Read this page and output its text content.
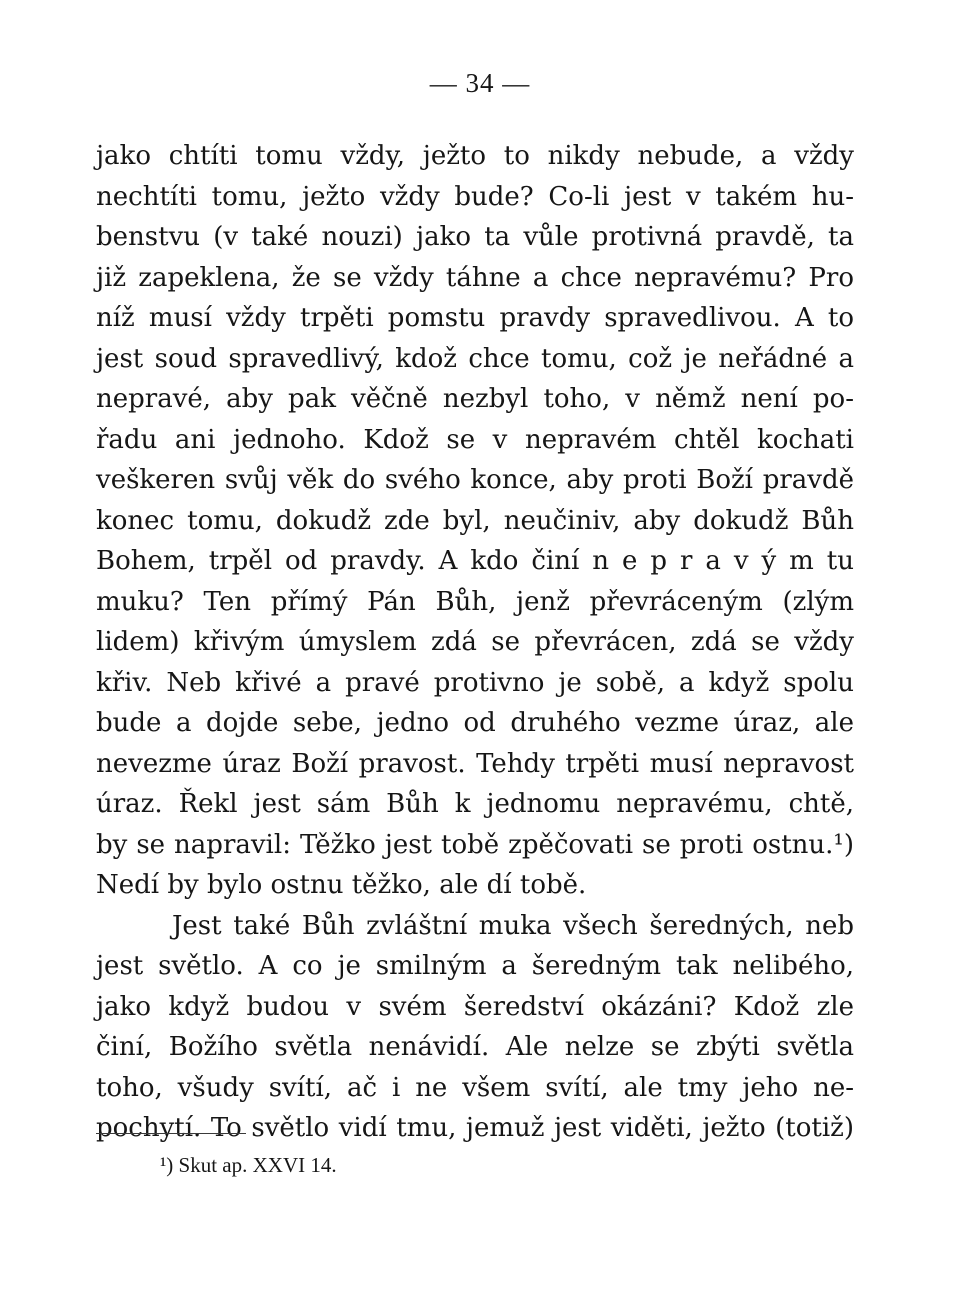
— 34 —
jako chtíti tomu vždy, ježto to nikdy nebude, a vždy
nechtíti tomu, ježto vždy bude? Co-li jest v takém hu-
benstvu (v také nouzi) jako ta vůle protivná pravdě, ta
již zapeklena, že se vždy táhne a chce nepravému? Pro
níž musí vždy trpěti pomstu pravdy spravedlivou. A to
jest soud spravedlivý, kdož chce tomu, což je neřádné a
nepravé, aby pak věčně nezbyl toho, v němž není po-
řadu ani jednoho. Kdož se v nepravém chtěl kochati
veškeren svůj věk do svého konce, aby proti Boží pravdě
konec tomu, dokudž zde byl, neučiniv, aby dokudž Bůh
Bohem, trpěl od pravdy. A kdo činí n e p r a v ý m tu
muku? Ten přímý Pán Bůh, jenž převráceným (zlým
lidem) křivým úmyslem zdá se převrácen, zdá se vždy
křiv. Neb křivé a pravé protivno je sobě, a když spolu
bude a dojde sebe, jedno od druhého vezme úraz, ale
nevezme úraz Boží pravost. Tehdy trpěti musí nepravost
úraz. Řekl jest sám Bůh k jednomu nepravému, chtě,
by se napravil: Těžko jest tobě zpěčovati se proti ostnu.¹)
Nedí by bylo ostnu těžko, ale dí tobě.
Jest také Bůh zvláštní muka všech šeredných, neb
jest světlo. A co je smilným a šeredným tak nelibého,
jako když budou v svém šeredství okázáni? Kdož zle
činí, Božího světla nenávidí. Ale nelze se zbýti světla
toho, všudy svítí, ač i ne všem svítí, ale tmy jeho ne-
pochytí. To světlo vidí tmu, jemuž jest viděti, ježto (totiž)
¹) Skut ap. XXVI 14.
